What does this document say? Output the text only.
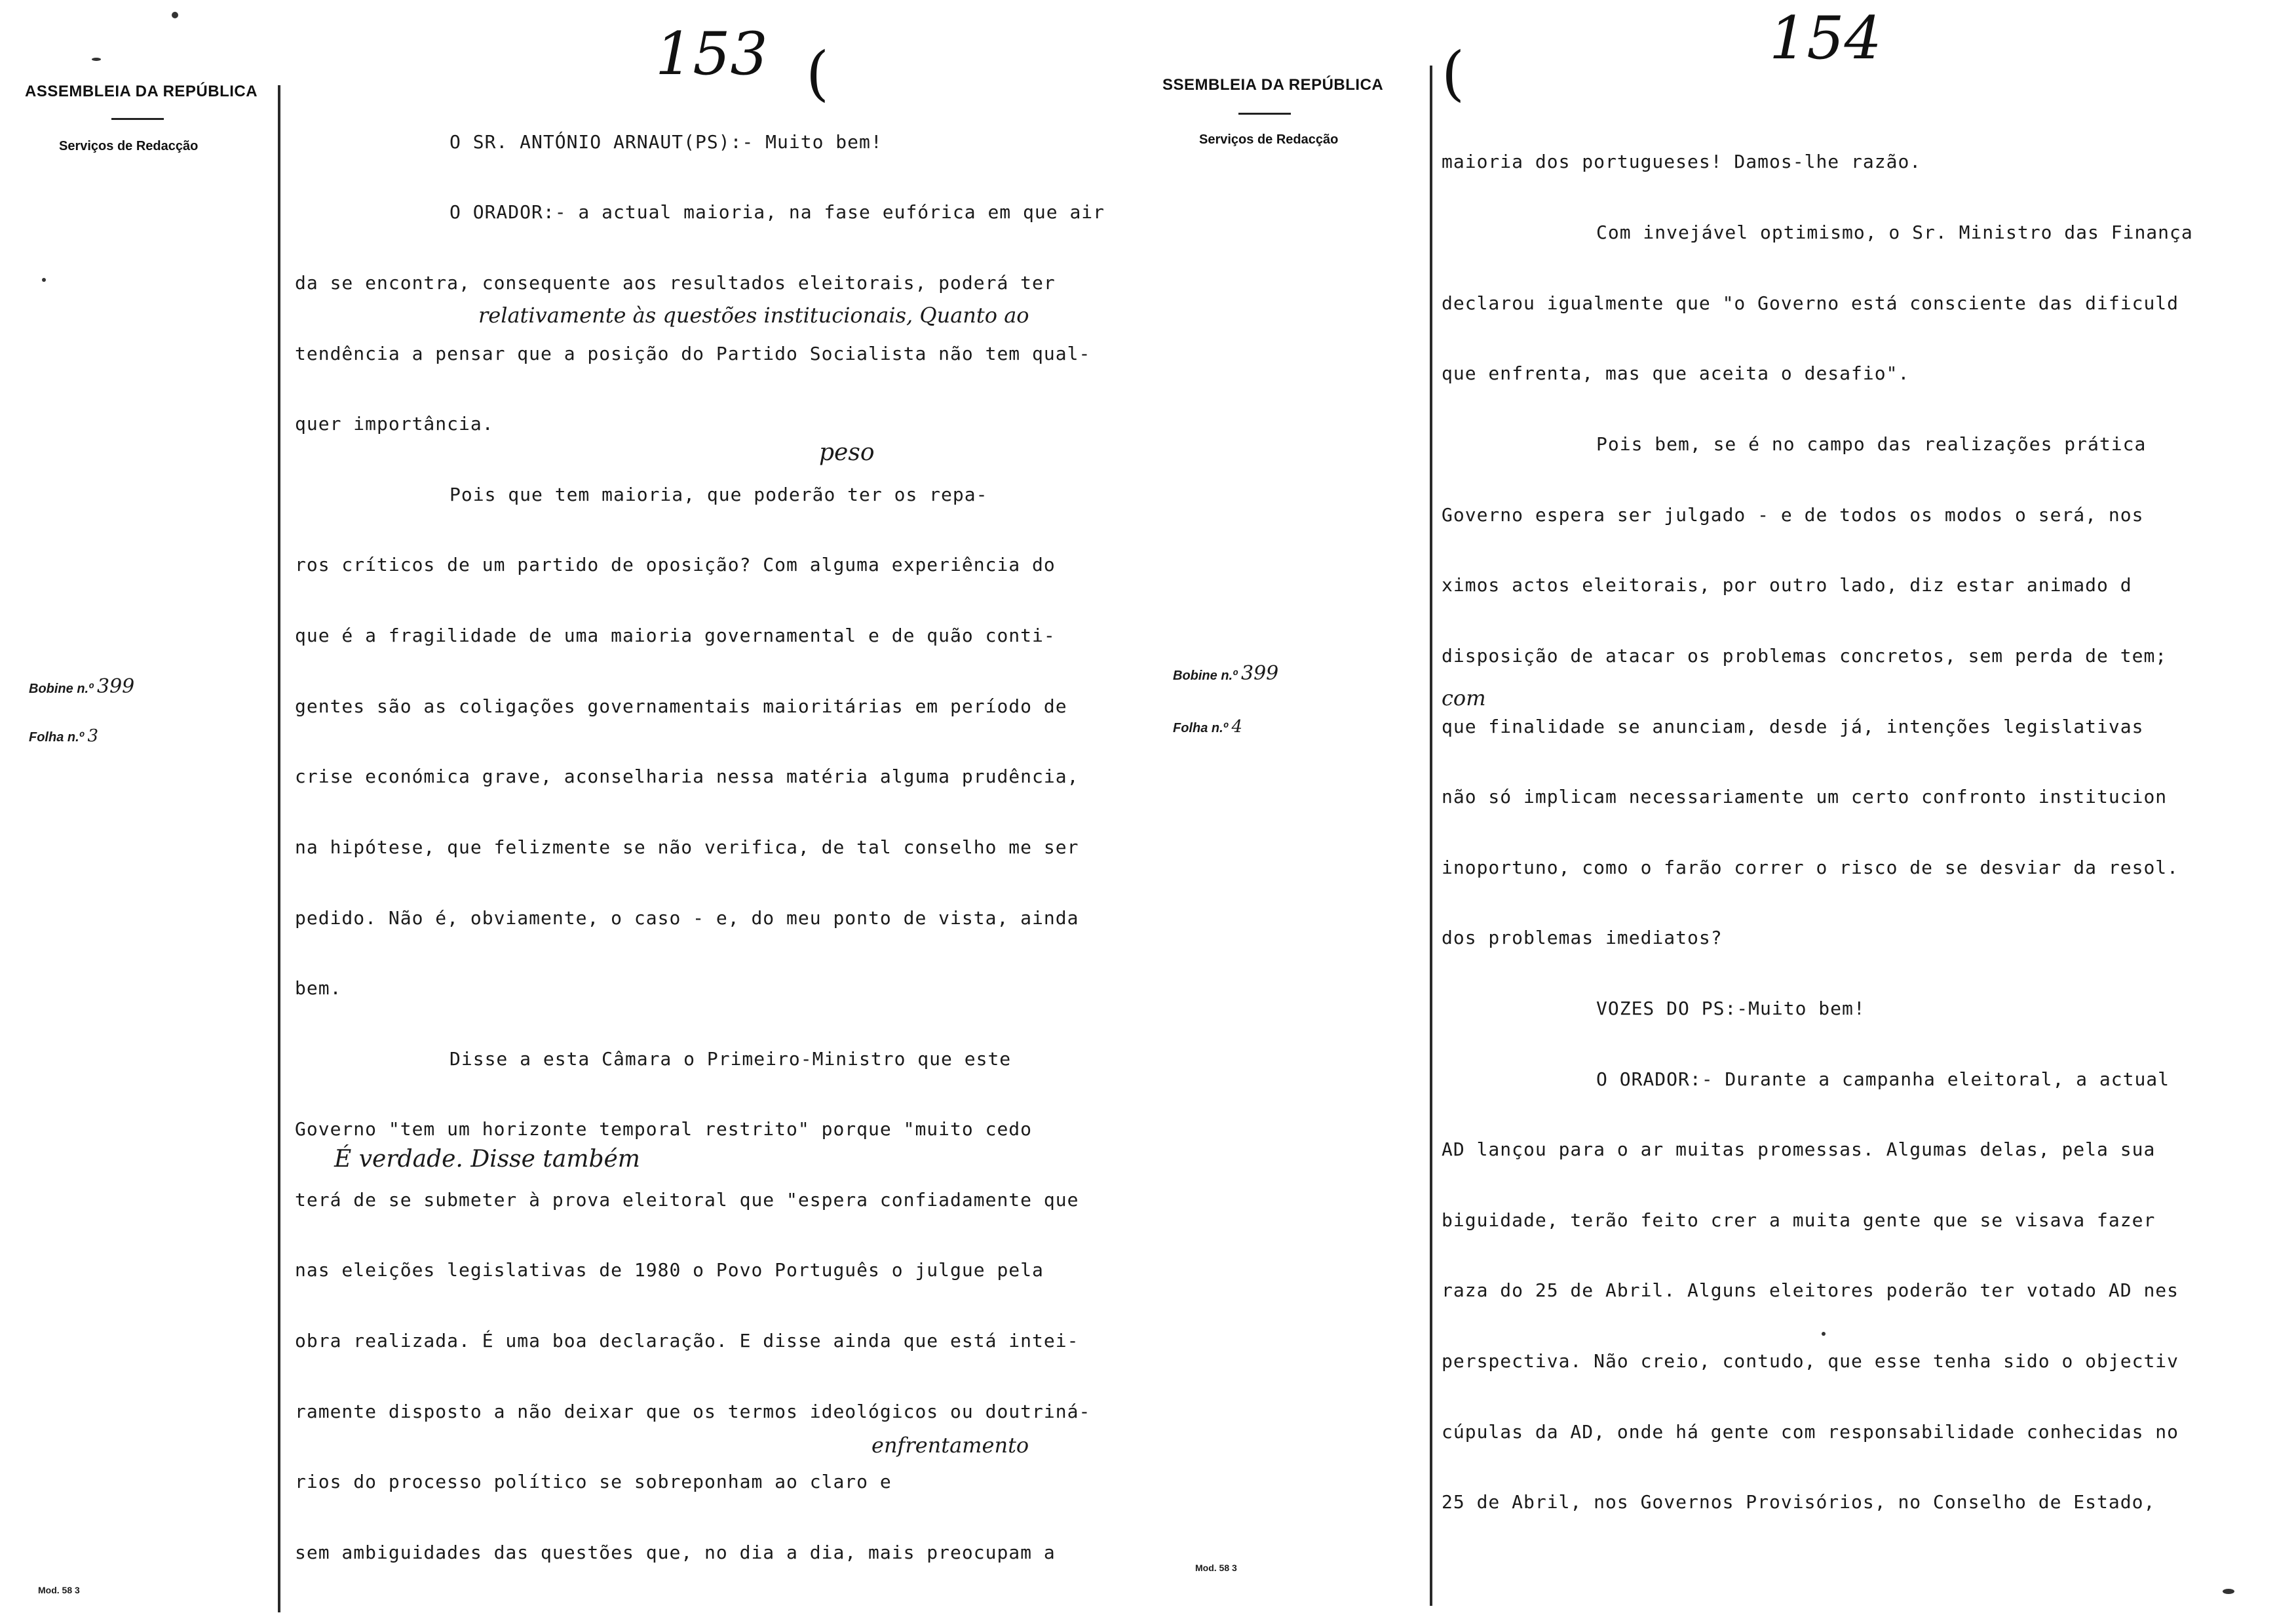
ASSEMBLEIA DA REPÚBLICA
Serviços de Redacção
153 (
Bobine n.º 399
Folha n.º 3
Mod. 58 3
O SR. ANTÓNIO ARNAUT(PS):- Muito bem!
O ORADOR:- a actual maioria, na fase eufórica em que air
da se encontra, consequente aos resultados eleitorais, poderá ter
relativamente às questões institucionais, Quanto ao
tendência a pensar que a posição do Partido Socialista não tem qual-
quer importância.
peso
Pois que tem maioria, que poderão ter os repa-
ros críticos de um partido de oposição? Com alguma experiência do
que é a fragilidade de uma maioria governamental e de quão conti-
gentes são as coligações governamentais maioritárias em período de
crise económica grave, aconselharia nessa matéria alguma prudência,
na hipótese, que felizmente se não verifica, de tal conselho me ser
pedido. Não é, obviamente, o caso - e, do meu ponto de vista, ainda
bem.
Disse a esta Câmara o Primeiro-Ministro que este
Governo "tem um horizonte temporal restrito" porque "muito cedo
É verdade. Disse também
terá de se submeter à prova eleitoral que "espera confiadamente que
nas eleições legislativas de 1980 o Povo Português o julgue pela
obra realizada. É uma boa declaração. E disse ainda que está intei-
ramente disposto a não deixar que os termos ideológicos ou doutriná-
enfrentamento
rios do processo político se sobreponham ao claro e
sem ambiguidades das questões que, no dia a dia, mais preocupam a
SSEMBLEIA DA REPÚBLICA
Serviços de Redacção
154
(
Bobine n.º 399
Folha n.º 4
Mod. 58 3
maioria dos portugueses! Damos-lhe razão.
Com invejável optimismo, o Sr. Ministro das Finança
declarou igualmente que "o Governo está consciente das dificuld
que enfrenta, mas que aceita o desafio".
Pois bem, se é no campo das realizações prática
Governo espera ser julgado - e de todos os modos o será, nos
ximos actos eleitorais, por outro lado, diz estar animado d
disposição de atacar os problemas concretos, sem perda de tem;
com
que finalidade se anunciam, desde já, intenções legislativas
não só implicam necessariamente um certo confronto institucion
inoportuno, como o farão correr o risco de se desviar da resol.
dos problemas imediatos?
VOZES DO PS:-Muito bem!
O ORADOR:- Durante a campanha eleitoral, a actual
AD lançou para o ar muitas promessas. Algumas delas, pela sua
biguidade, terão feito crer a muita gente que se visava fazer
raza do 25 de Abril. Alguns eleitores poderão ter votado AD nes
perspectiva. Não creio, contudo, que esse tenha sido o objectiv
cúpulas da AD, onde há gente com responsabilidade conhecidas no
25 de Abril, nos Governos Provisórios, no Conselho de Estado,
